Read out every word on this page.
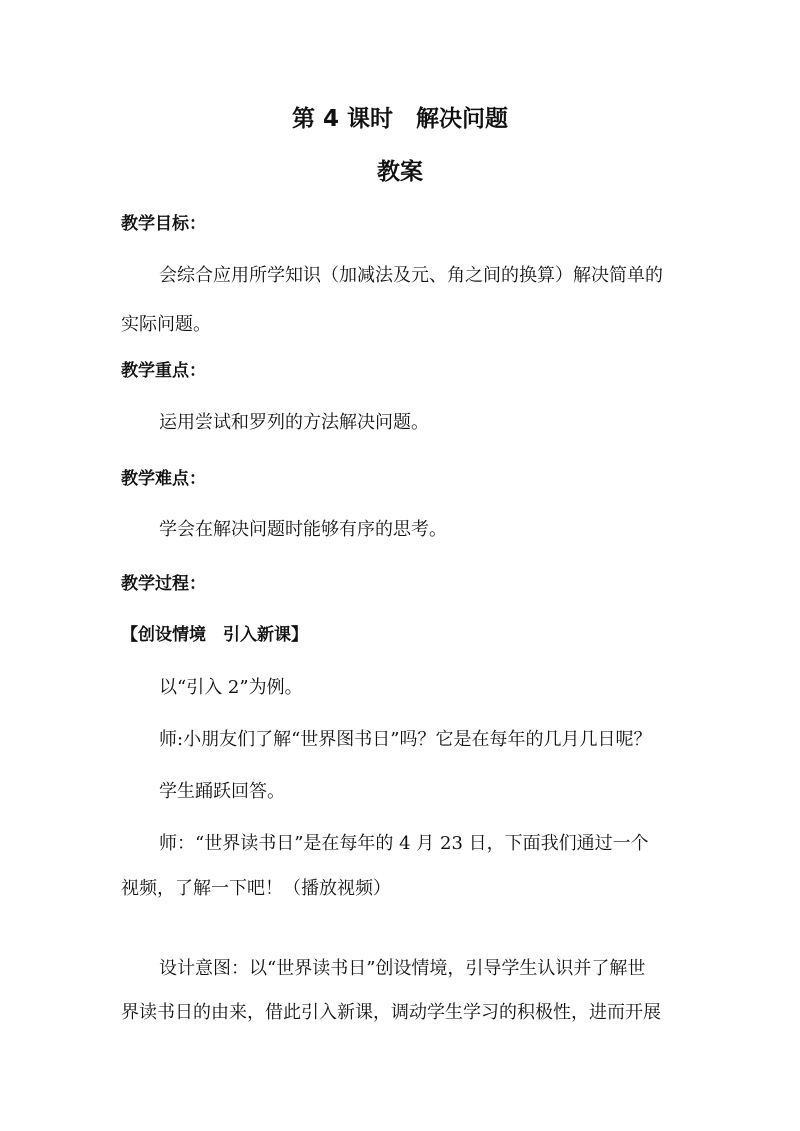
第 4 课时　解决问题
教案
教学目标：
会综合应用所学知识（加减法及元、角之间的换算）解决简单的
实际问题。
教学重点：
运用尝试和罗列的方法解决问题。
教学难点：
学会在解决问题时能够有序的思考。
教学过程：
【创设情境　引入新课】
以“引入 2”为例。
师:小朋友们了解“世界图书日”吗？它是在每年的几月几日呢？
学生踊跃回答。
师：“世界读书日”是在每年的 4 月 23 日，下面我们通过一个
视频，了解一下吧！（播放视频）
设计意图：以“世界读书日”创设情境，引导学生认识并了解世
界读书日的由来，借此引入新课，调动学生学习的积极性，进而开展
